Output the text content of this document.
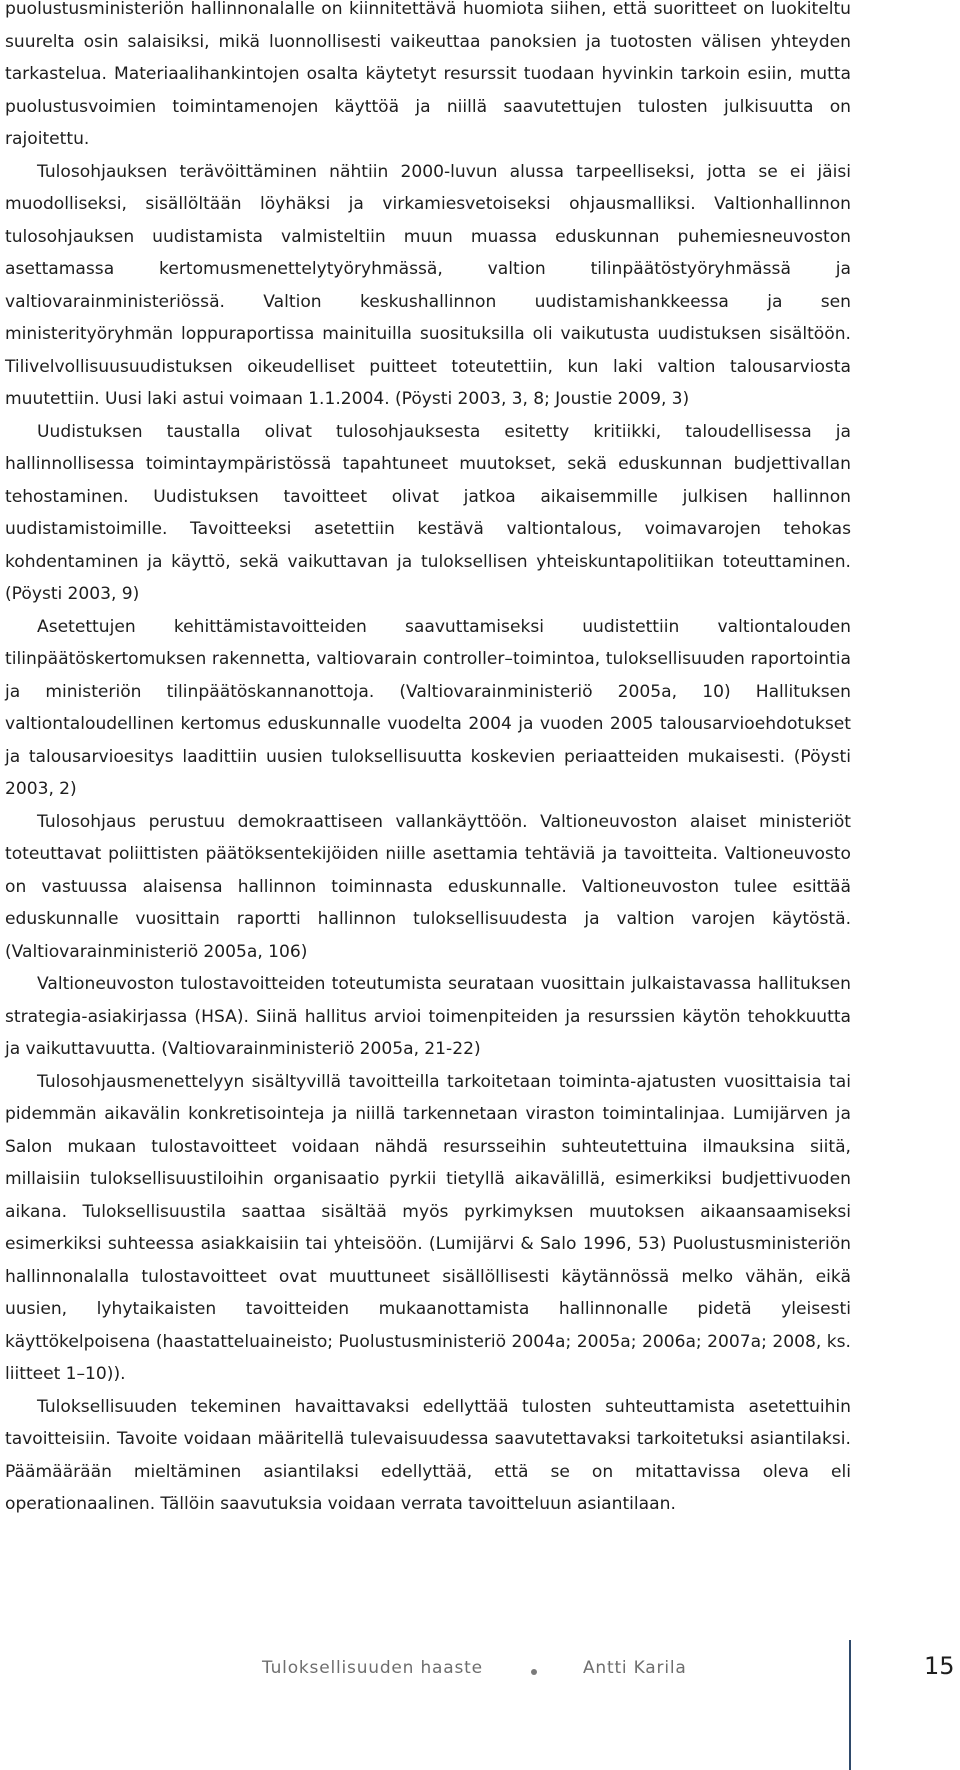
puolustusministeriön hallinnonalalle on kiinnitettävä huomiota siihen, että suoritteet on luokiteltu suurelta osin salaisiksi, mikä luonnollisesti vaikeuttaa panoksien ja tuotosten välisen yhteyden tarkastelua. Materiaalihankintojen osalta käytetyt resurssit tuodaan hyvinkin tarkoin esiin, mutta puolustusvoimien toimintamenojen käyttöä ja niillä saavutettujen tulosten julkisuutta on rajoitettu.

Tulosohjauksen terävöittäminen nähtiin 2000-luvun alussa tarpeelliseksi, jotta se ei jäisi muodolliseksi, sisällöltään löyhäksi ja virkamiesvetoiseksi ohjausmalliksi. Valtionhallinnon tulosohjauksen uudistamista valmisteltiin muun muassa eduskunnan puhemiesneuvoston asettamassa kertomusmenettelytyöryhmässä, valtion tilinpäätöstyöryhmässä ja valtiovarainministeriössä. Valtion keskushallinnon uudistamishankkeessa ja sen ministerityöryhmän loppuraportissa mainituilla suosituksilla oli vaikutusta uudistuksen sisältöön. Tilivelvollisuusuudistuksen oikeudelliset puitteet toteutettiin, kun laki valtion talousarviosta muutettiin. Uusi laki astui voimaan 1.1.2004. (Pöysti 2003, 3, 8; Joustie 2009, 3)

Uudistuksen taustalla olivat tulosohjauksesta esitetty kritiikki, taloudellisessa ja hallinnollisessa toimintaympäristössä tapahtuneet muutokset, sekä eduskunnan budjettivallan tehostaminen. Uudistuksen tavoitteet olivat jatkoa aikaisemmille julkisen hallinnon uudistamistoimille. Tavoitteeksi asetettiin kestävä valtiontalous, voimavarojen tehokas kohdentaminen ja käyttö, sekä vaikuttavan ja tuloksellisen yhteiskuntapolitiikan toteuttaminen. (Pöysti 2003, 9)

Asetettujen kehittämistavoitteiden saavuttamiseksi uudistettiin valtiontalouden tilinpäätöskertomuksen rakennetta, valtiovarain controller–toimintoa, tuloksellisuuden raportointia ja ministeriön tilinpäätöskannanottoja. (Valtiovarainministeriö 2005a, 10) Hallituksen valtiontaloudellinen kertomus eduskunnalle vuodelta 2004 ja vuoden 2005 talousarvioehdotukset ja talousarvioesitys laadittiin uusien tuloksellisuutta koskevien periaatteiden mukaisesti. (Pöysti 2003, 2)

Tulosohjaus perustuu demokraattiseen vallankäyttöön. Valtioneuvoston alaiset ministeriöt toteuttavat poliittisten päätöksentekijöiden niille asettamia tehtäviä ja tavoitteita. Valtioneuvosto on vastuussa alaisensa hallinnon toiminnasta eduskunnalle. Valtioneuvoston tulee esittää eduskunnalle vuosittain raportti hallinnon tuloksellisuudesta ja valtion varojen käytöstä. (Valtiovarainministeriö 2005a, 106)

Valtioneuvoston tulostavoitteiden toteutumista seurataan vuosittain julkaistavassa hallituksen strategia-asiakirjassa (HSA). Siinä hallitus arvioi toimenpiteiden ja resurssien käytön tehokkuutta ja vaikuttavuutta. (Valtiovarainministeriö 2005a, 21-22)

Tulosohjausmenettelyyn sisältyvillä tavoitteilla tarkoitetaan toiminta-ajatusten vuosittaisia tai pidemmän aikavälin konkretisointeja ja niillä tarkennetaan viraston toimintalinjaa. Lumijärven ja Salon mukaan tulostavoitteet voidaan nähdä resursseihin suhteutettuina ilmauksina siitä, millaisiin tuloksellisuustiloihin organisaatio pyrkii tietyllä aikavälillä, esimerkiksi budjettivuoden aikana. Tuloksellisuustila saattaa sisältää myös pyrkimyksen muutoksen aikaansaamiseksi esimerkiksi suhteessa asiakkaisiin tai yhteisöön. (Lumijärvi & Salo 1996, 53) Puolustusministeriön hallinnonalalla tulostavoitteet ovat muuttuneet sisällöllisesti käytännössä melko vähän, eikä uusien, lyhytaikaisten tavoitteiden mukaanottamista hallinnonalle pidetä yleisesti käyttökelpoisena (haastatteluaineisto; Puolustusministeriö 2004a; 2005a; 2006a; 2007a; 2008, ks. liitteet 1–10)).

Tuloksellisuuden tekeminen havaittavaksi edellyttää tulosten suhteuttamista asetettuihin tavoitteisiin. Tavoite voidaan määritellä tulevaisuudessa saavutettavaksi tarkoitetuksi asiantilaksi. Päämäärään mieltäminen asiantilaksi edellyttää, että se on mitattavissa oleva eli operationaalinen. Tällöin saavutuksia voidaan verrata tavoitteluun asiantilaan.

Tuloksellisuuden haaste	Antti Karila	15
